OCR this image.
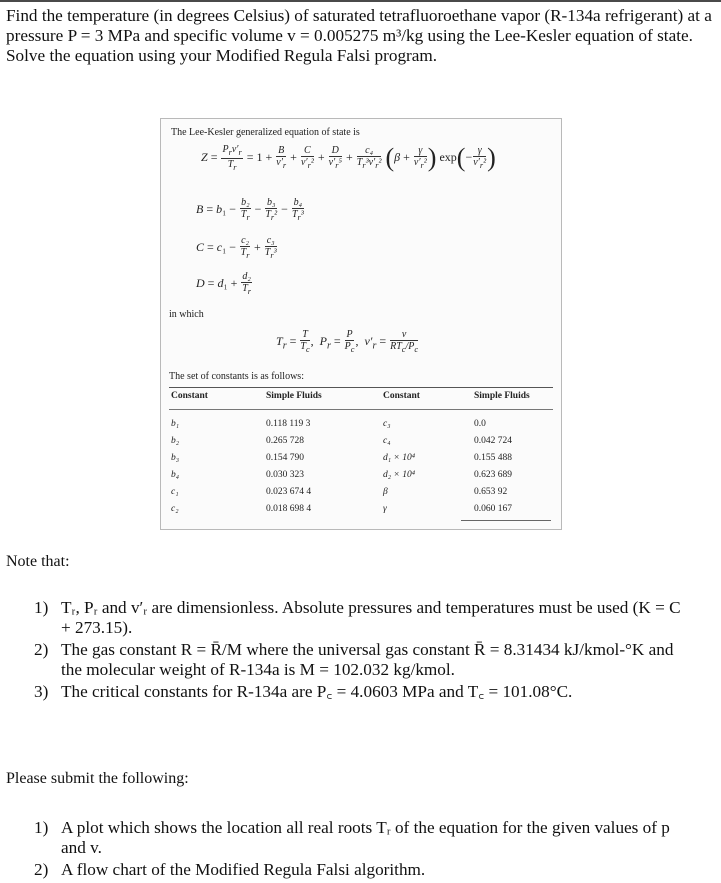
Find the temperature (in degrees Celsius) of saturated tetrafluoroethane vapor (R-134a refrigerant) at a pressure P = 3 MPa and specific volume v = 0.005275 m³/kg using the Lee-Kesler equation of state. Solve the equation using your Modified Regula Falsi program.

The Lee-Kesler generalized equation of state is
$Z = \frac{P_rv'_r}{T_r} = 1 + \frac{B}{v'_r} + \frac{C}{v'_r^2} + \frac{D}{v'_r^5} + \frac{\text{c₄}}{T_r^3v'_r^2} (\beta + \frac{\gamma}{v'_r^2}$ ) $\exp(- \frac{\gamma}{v'_r^2}$ )
$B = b_1 - \frac{\text{b₂}}{T_r} - \frac{\text{b₃}}{T_r^2} - \frac{\text{b₄}}{T_r^3}$
$C = c_1 - \frac{\text{c₂}}{T_r} + \frac{\text{c₃}}{T_r^3}$
$D = d_1 + \frac{\text{d₂}}{T_r}$
in which
$T_r = \frac{T}{T_c}$ ,  $P_r = \frac{P}{P_c}$ ,  $v'_r = \frac{v}{RT_c/P_c}$
The set of constants is as follows:
Constant	Simple Fluids	Constant	Simple Fluids
b₁	0.118 119 3	c₃	0.0
b₂	0.265 728	c₄	0.042 724
b₃	0.154 790	d₁ × 10⁴	0.155 488
b₄	0.030 323	d₂ × 10⁴	0.623 689
c₁	0.023 674 4	β	0.653 92
c₂	0.018 698 4	γ	0.060 167
Note that:
1) Tᵣ, Pᵣ and v′ᵣ are dimensionless. Absolute pressures and temperatures must be used (K = C + 273.15).
2) The gas constant R = R̄/M where the universal gas constant R̄ = 8.31434 kJ/kmol-°K and the molecular weight of R-134a is M = 102.032 kg/kmol.
3) The critical constants for R-134a are P꜀ = 4.0603 MPa and T꜀ = 101.08°C.
Please submit the following:
1) A plot which shows the location all real roots Tᵣ of the equation for the given values of p and v.
2) A flow chart of the Modified Regula Falsi algorithm.
